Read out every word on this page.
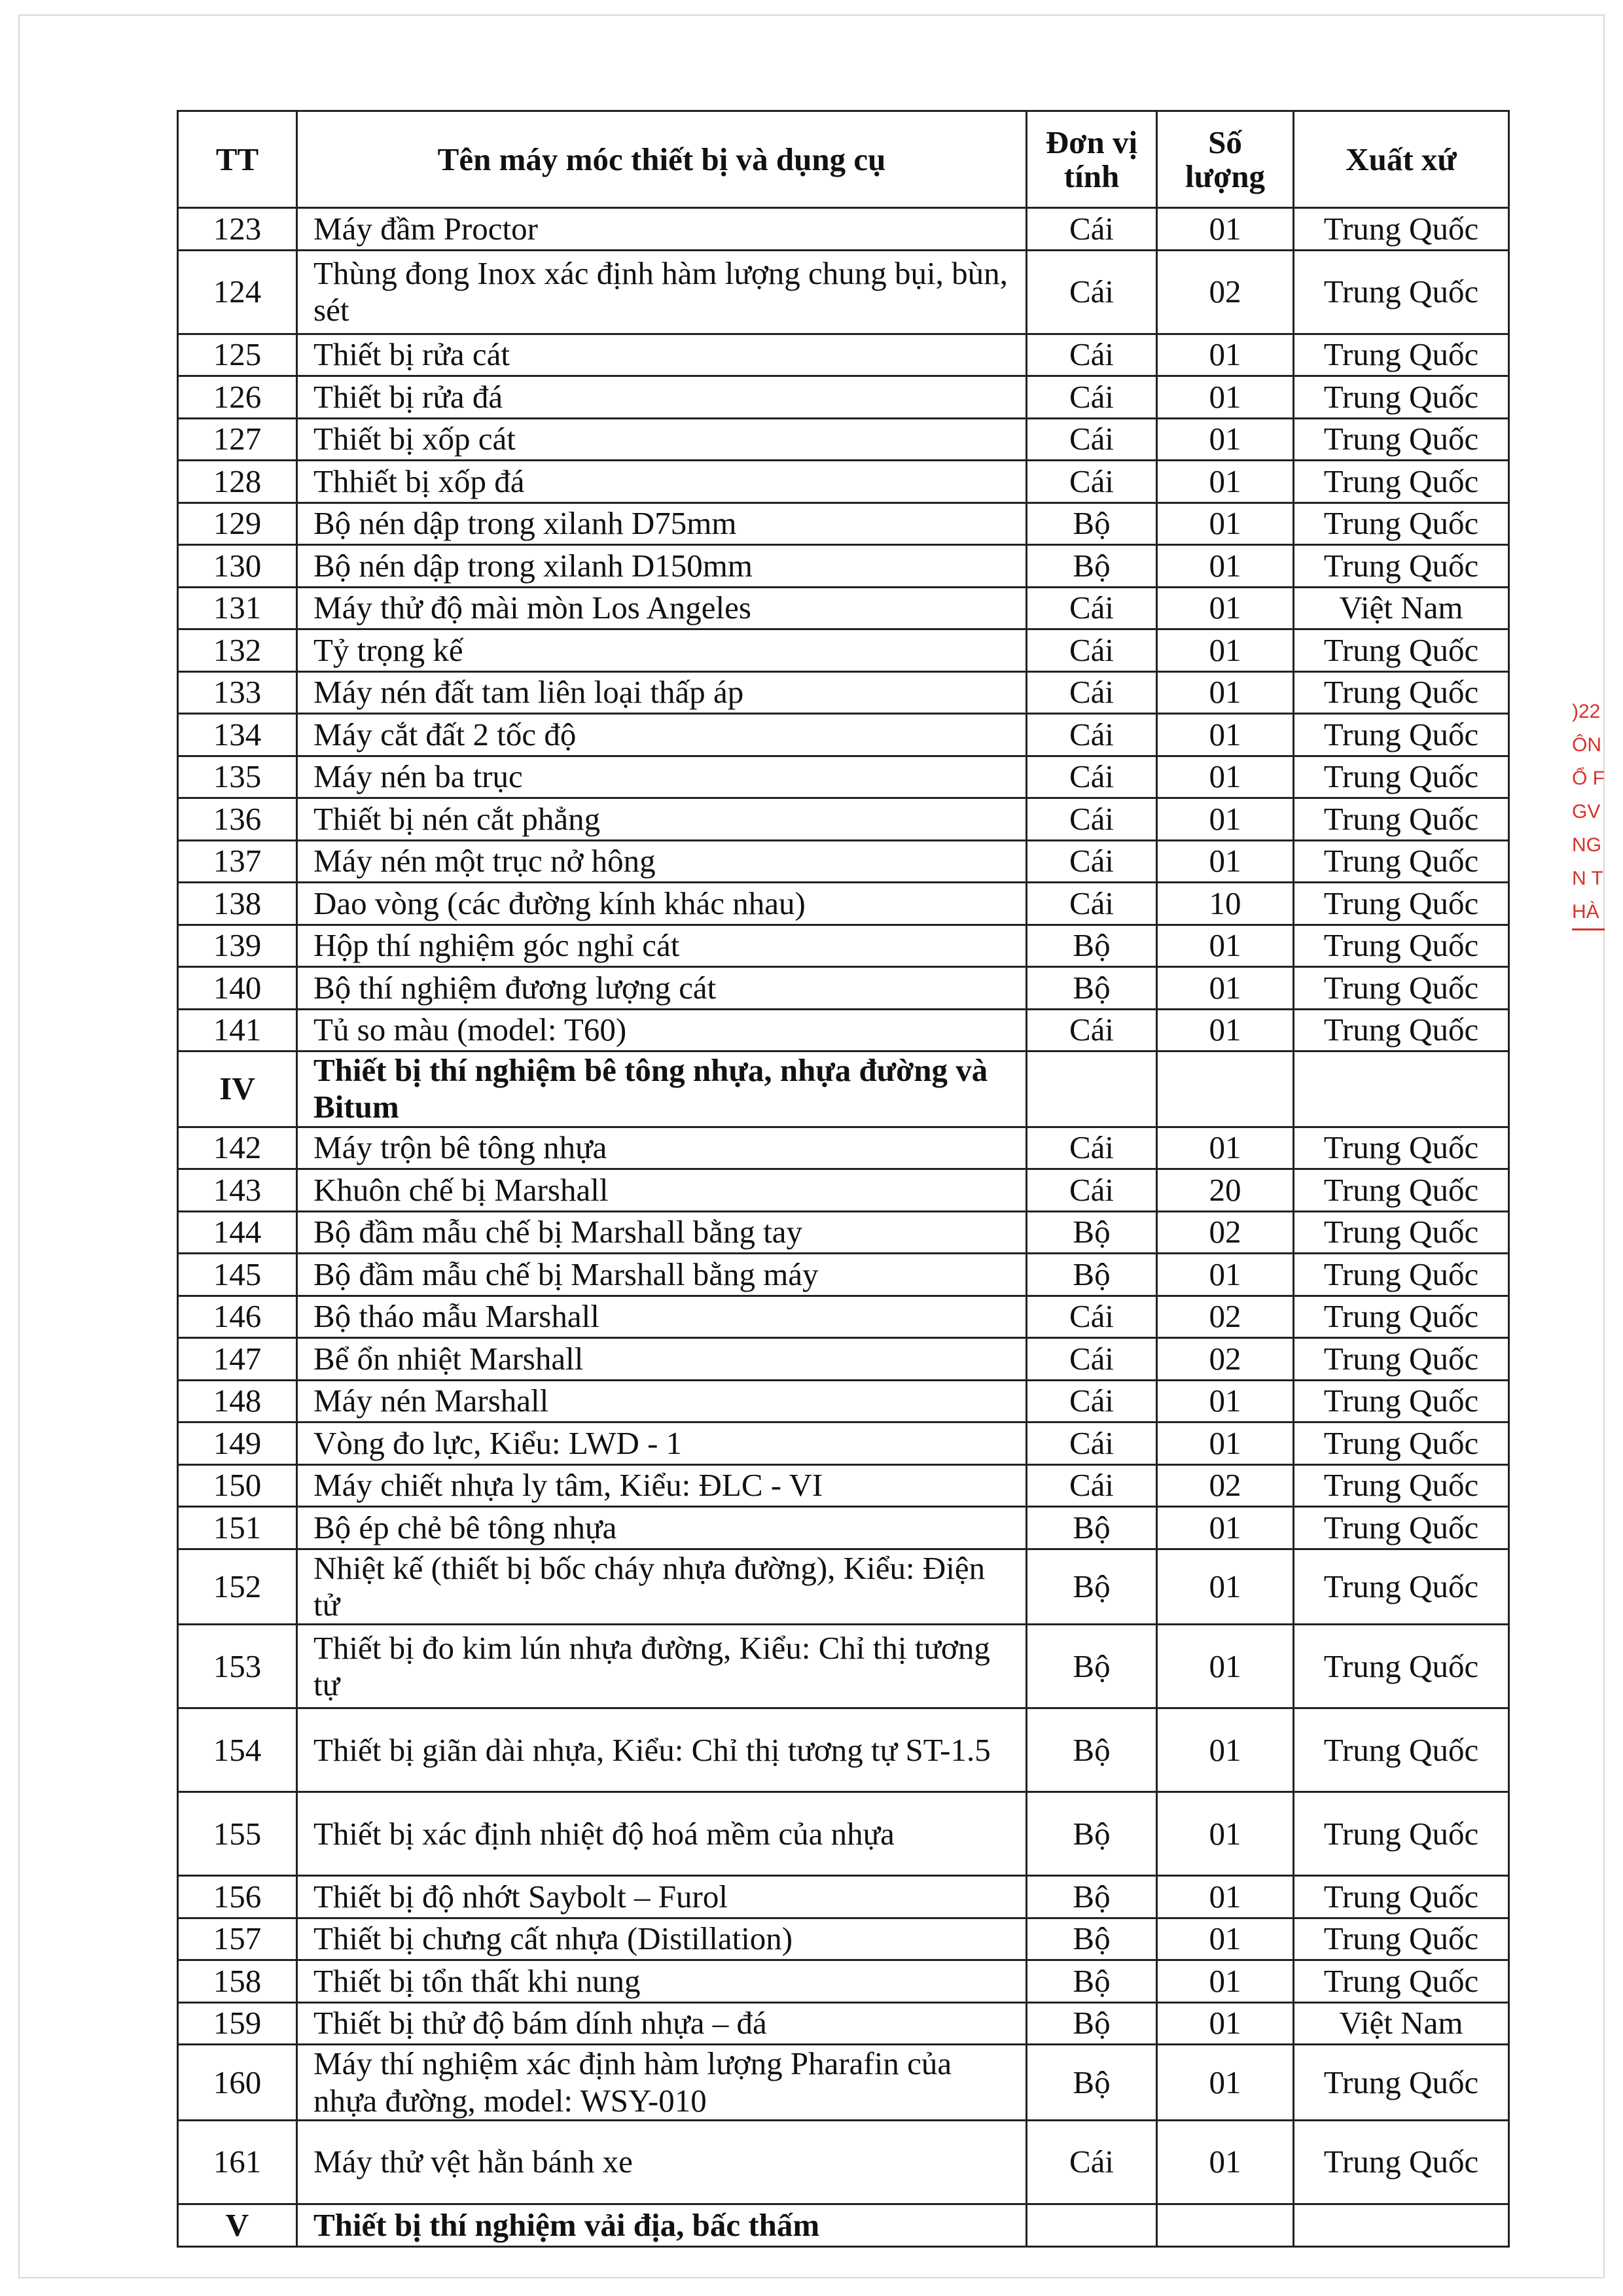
TT	Tên máy móc thiết bị và dụng cụ	Đơn vị tính	Số lượng	Xuất xứ
123	Máy đầm Proctor	Cái	01	Trung Quốc
124	Thùng đong Inox xác định hàm lượng chung bụi, bùn, sét	Cái	02	Trung Quốc
125	Thiết bị rửa cát	Cái	01	Trung Quốc
126	Thiết bị rửa đá	Cái	01	Trung Quốc
127	Thiết bị xốp cát	Cái	01	Trung Quốc
128	Thhiết bị xốp đá	Cái	01	Trung Quốc
129	Bộ nén dập trong xilanh D75mm	Bộ	01	Trung Quốc
130	Bộ nén dập trong xilanh D150mm	Bộ	01	Trung Quốc
131	Máy thử độ mài mòn Los Angeles	Cái	01	Việt Nam
132	Tỷ trọng kế	Cái	01	Trung Quốc
133	Máy nén đất tam liên loại thấp áp	Cái	01	Trung Quốc
134	Máy cắt đất 2 tốc độ	Cái	01	Trung Quốc
135	Máy nén ba trục	Cái	01	Trung Quốc
136	Thiết bị nén cắt phẳng	Cái	01	Trung Quốc
137	Máy nén một trục nở hông	Cái	01	Trung Quốc
138	Dao vòng (các đường kính khác nhau)	Cái	10	Trung Quốc
139	Hộp thí nghiệm góc nghỉ cát	Bộ	01	Trung Quốc
140	Bộ thí nghiệm đương lượng cát	Bộ	01	Trung Quốc
141	Tủ so màu (model: T60)	Cái	01	Trung Quốc
IV	Thiết bị thí nghiệm bê tông nhựa, nhựa đường và Bitum			
142	Máy trộn bê tông nhựa	Cái	01	Trung Quốc
143	Khuôn chế bị Marshall	Cái	20	Trung Quốc
144	Bộ đầm mẫu chế bị Marshall bằng tay	Bộ	02	Trung Quốc
145	Bộ đầm mẫu chế bị Marshall bằng máy	Bộ	01	Trung Quốc
146	Bộ tháo mẫu Marshall	Cái	02	Trung Quốc
147	Bể ổn nhiệt Marshall	Cái	02	Trung Quốc
148	Máy nén Marshall	Cái	01	Trung Quốc
149	Vòng đo lực, Kiểu: LWD - 1	Cái	01	Trung Quốc
150	Máy chiết nhựa ly tâm, Kiểu: ĐLC - VI	Cái	02	Trung Quốc
151	Bộ ép chẻ bê tông nhựa	Bộ	01	Trung Quốc
152	Nhiệt kế (thiết bị bốc cháy nhựa đường), Kiểu: Điện tử	Bộ	01	Trung Quốc
153	Thiết bị đo kim lún nhựa đường, Kiểu: Chỉ thị tương tự	Bộ	01	Trung Quốc
154	Thiết bị giãn dài nhựa, Kiểu: Chỉ thị tương tự ST-1.5	Bộ	01	Trung Quốc
155	Thiết bị xác định nhiệt độ hoá mềm của nhựa	Bộ	01	Trung Quốc
156	Thiết bị độ nhớt Saybolt – Furol	Bộ	01	Trung Quốc
157	Thiết bị chưng cất nhựa (Distillation)	Bộ	01	Trung Quốc
158	Thiết bị tổn thất khi nung	Bộ	01	Trung Quốc
159	Thiết bị thử độ bám dính nhựa – đá	Bộ	01	Việt Nam
160	Máy thí nghiệm xác định hàm lượng Pharafin của nhựa đường, model: WSY-010	Bộ	01	Trung Quốc
161	Máy thử vệt hằn bánh xe	Cái	01	Trung Quốc
V	Thiết bị thí nghiệm vải địa, bấc thấm			
)22
ÔN
Ổ F
GV
NG
N T
HÀ
